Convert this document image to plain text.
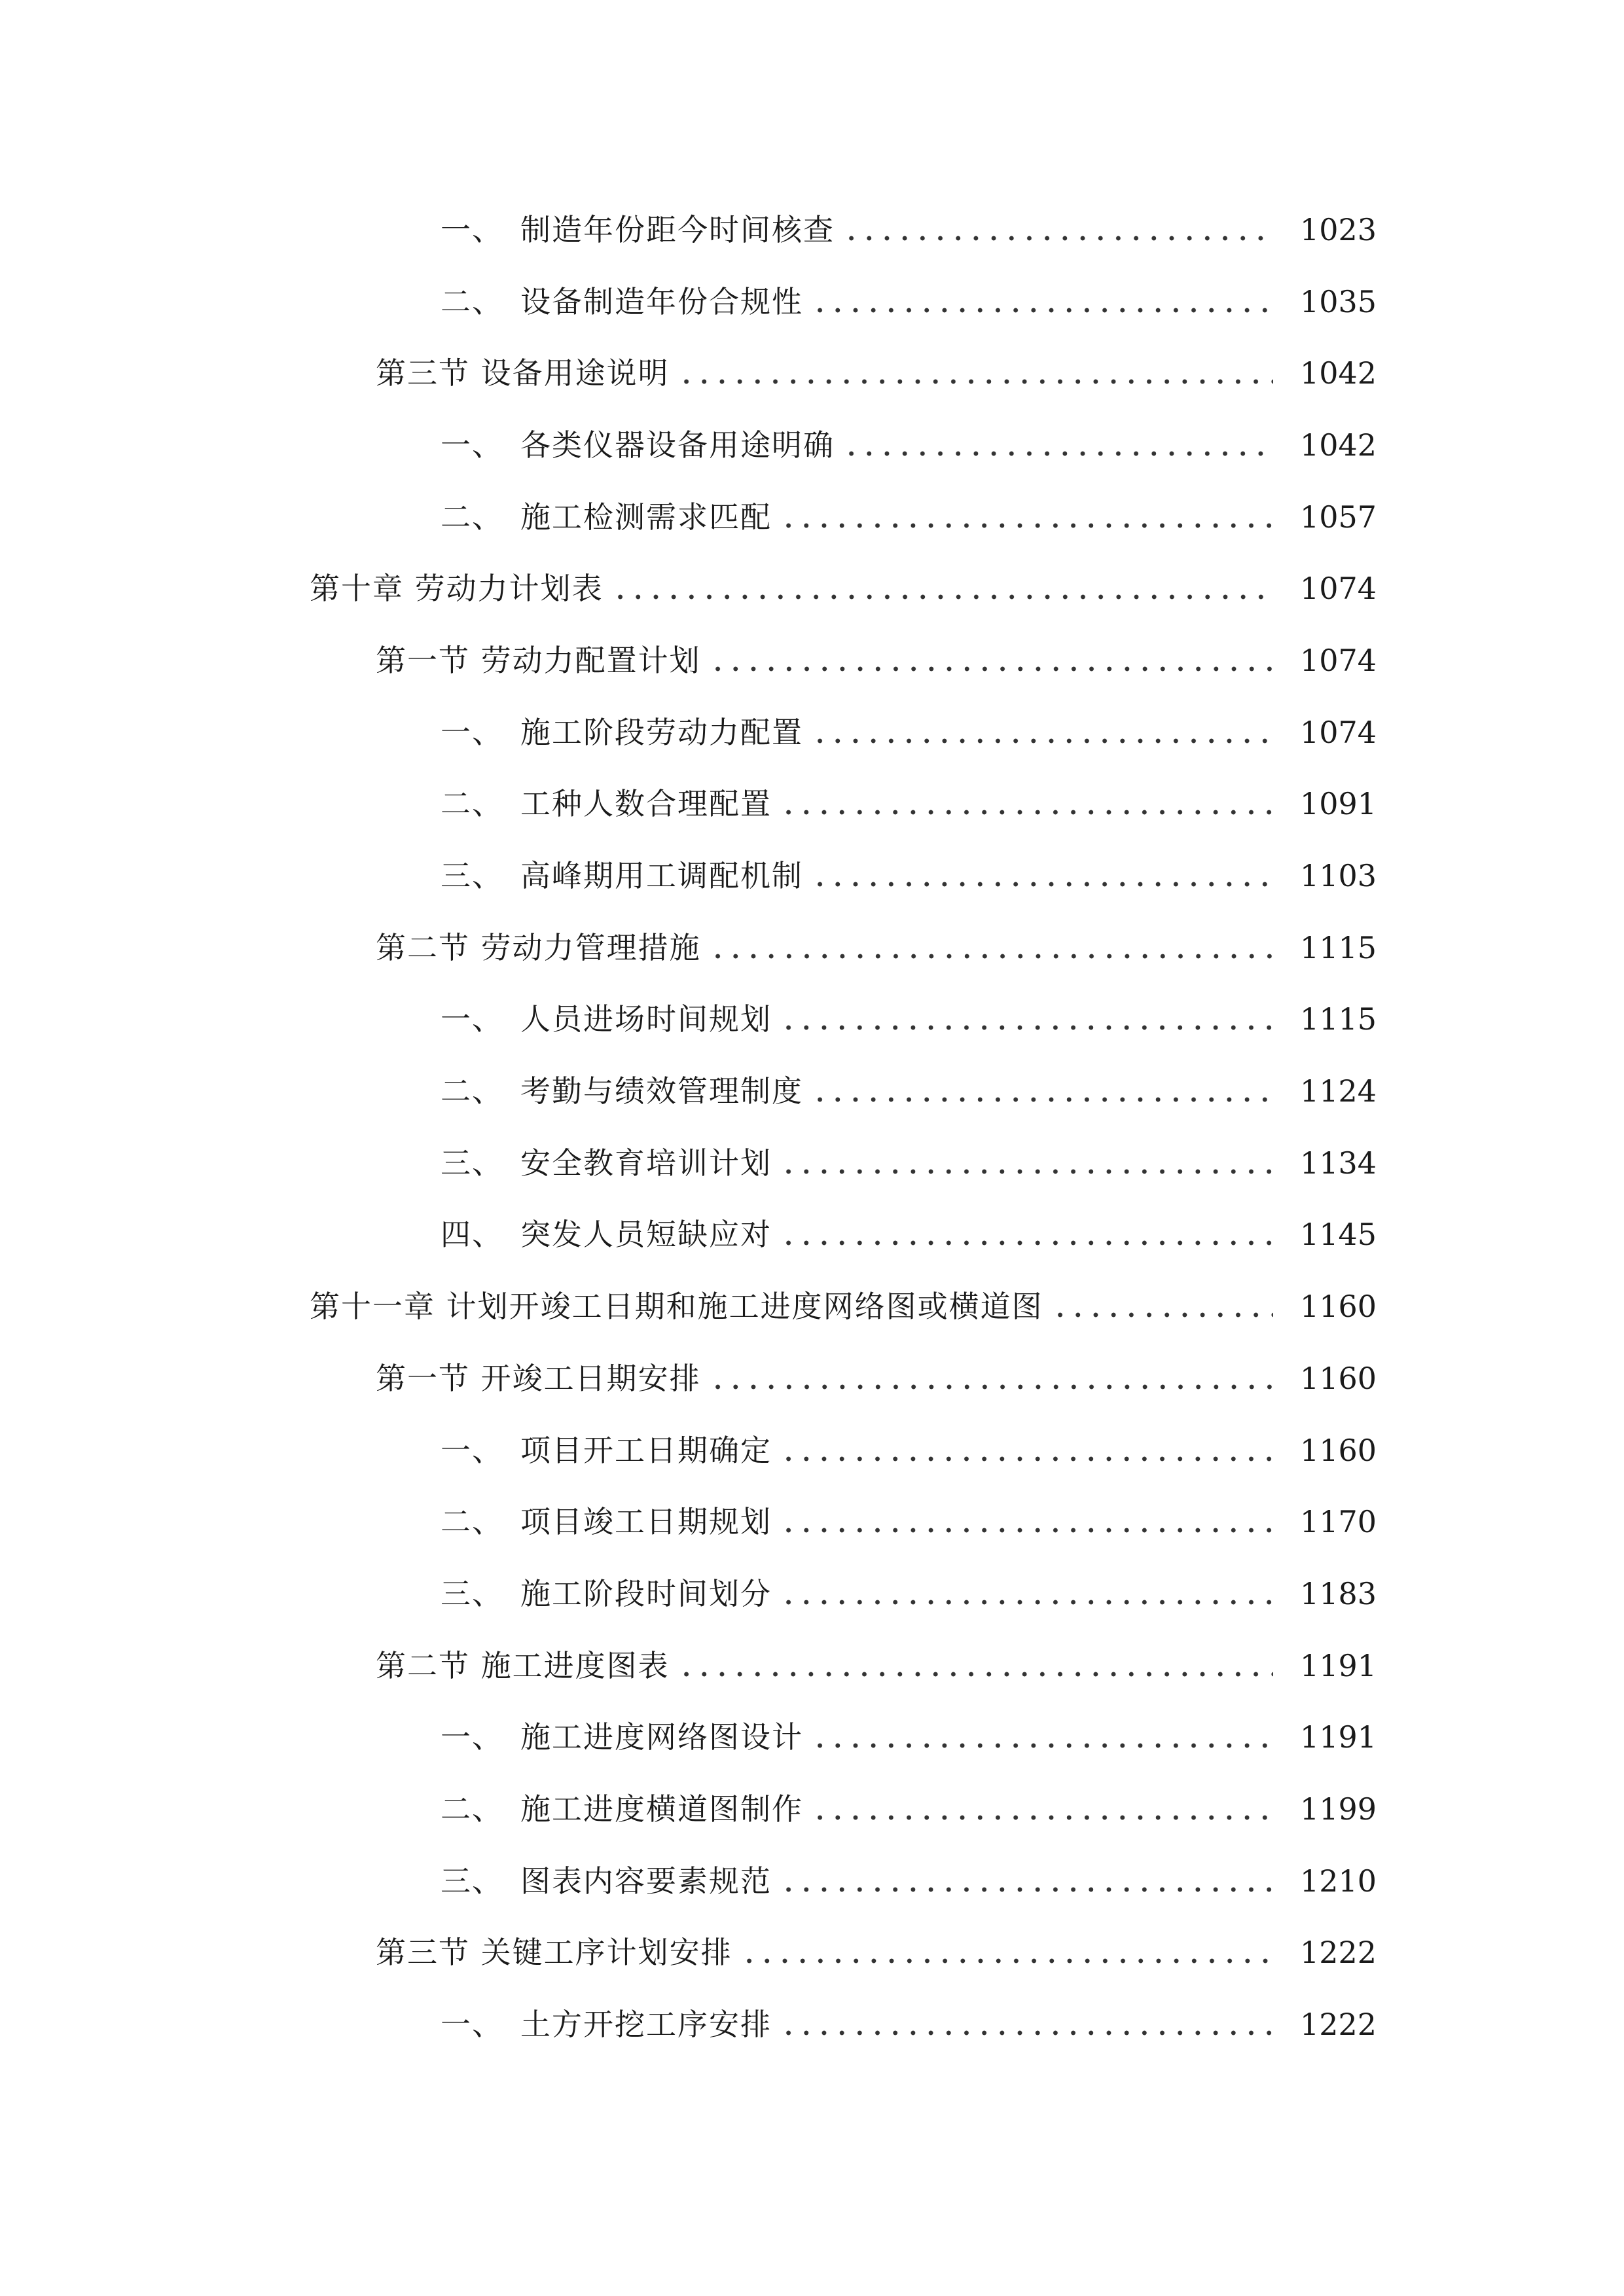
一、 制造年份距今时间核查	1023
二、 设备制造年份合规性	1035
第三节 设备用途说明	1042
一、 各类仪器设备用途明确	1042
二、 施工检测需求匹配	1057
第十章 劳动力计划表	1074
第一节 劳动力配置计划	1074
一、 施工阶段劳动力配置	1074
二、 工种人数合理配置	1091
三、 高峰期用工调配机制	1103
第二节 劳动力管理措施	1115
一、 人员进场时间规划	1115
二、 考勤与绩效管理制度	1124
三、 安全教育培训计划	1134
四、 突发人员短缺应对	1145
第十一章 计划开竣工日期和施工进度网络图或横道图	1160
第一节 开竣工日期安排	1160
一、 项目开工日期确定	1160
二、 项目竣工日期规划	1170
三、 施工阶段时间划分	1183
第二节 施工进度图表	1191
一、 施工进度网络图设计	1191
二、 施工进度横道图制作	1199
三、 图表内容要素规范	1210
第三节 关键工序计划安排	1222
一、 土方开挖工序安排	1222
